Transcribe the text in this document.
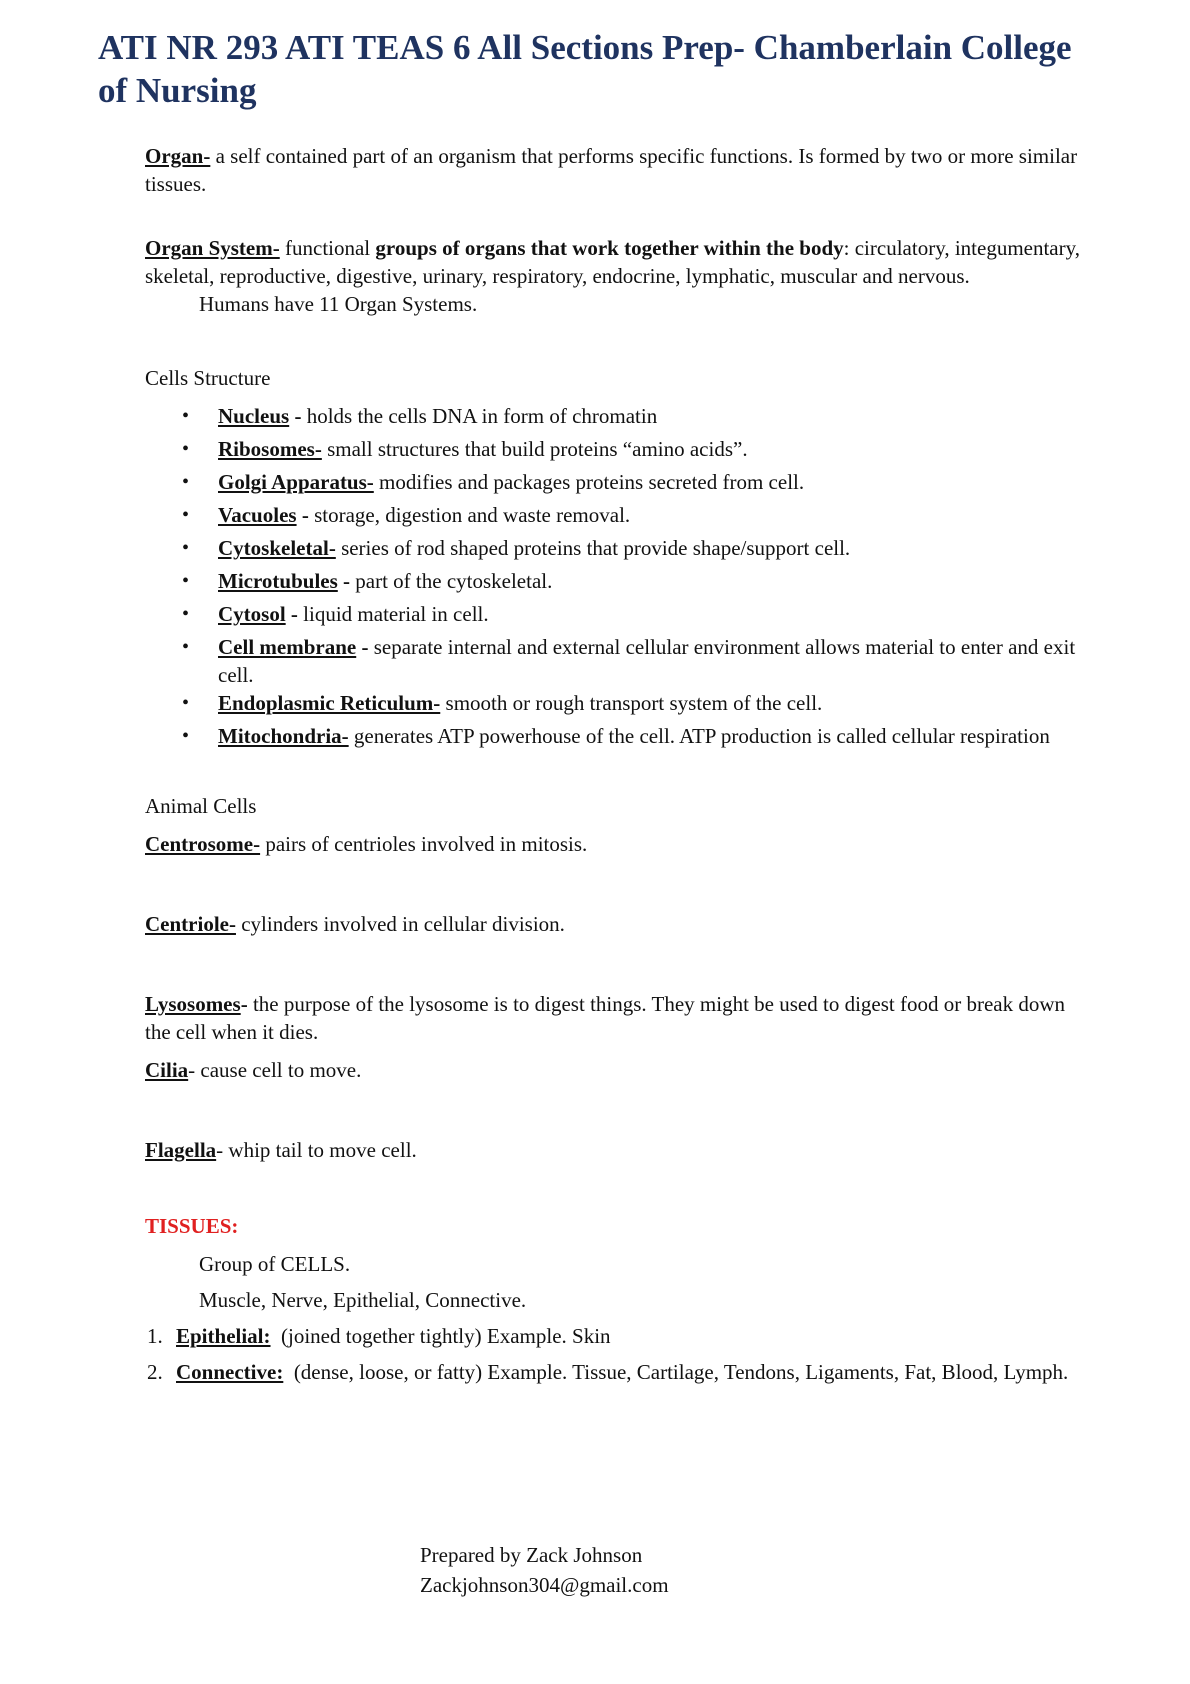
ATI NR 293 ATI TEAS 6 All Sections Prep- Chamberlain College of Nursing

Organ- a self contained part of an organism that performs specific functions. Is formed by two or more similar tissues.

Organ System- functional groups of organs that work together within the body: circulatory, integumentary, skeletal, reproductive, digestive, urinary, respiratory, endocrine, lymphatic, muscular and nervous.

Humans have 11 Organ Systems.

Cells Structure

• Nucleus - holds the cells DNA in form of chromatin
• Ribosomes- small structures that build proteins “amino acids”.
• Golgi Apparatus- modifies and packages proteins secreted from cell.
• Vacuoles - storage, digestion and waste removal.
• Cytoskeletal- series of rod shaped proteins that provide shape/support cell.
• Microtubules - part of the cytoskeletal.
• Cytosol - liquid material in cell.
• Cell membrane - separate internal and external cellular environment allows material to enter and exit cell.
• Endoplasmic Reticulum- smooth or rough transport system of the cell.
• Mitochondria- generates ATP powerhouse of the cell. ATP production is called cellular respiration

Animal Cells

Centrosome- pairs of centrioles involved in mitosis.

Centriole- cylinders involved in cellular division.

Lysosomes- the purpose of the lysosome is to digest things. They might be used to digest food or break down the cell when it dies.

Cilia- cause cell to move.

Flagella- whip tail to move cell.

TISSUES:

Group of CELLS.

Muscle, Nerve, Epithelial, Connective.

1. Epithelial:  (joined together tightly) Example. Skin
2. Connective:  (dense, loose, or fatty) Example. Tissue, Cartilage, Tendons, Ligaments, Fat, Blood, Lymph.
Prepared by Zack Johnson
Zackjohnson304@gmail.com
